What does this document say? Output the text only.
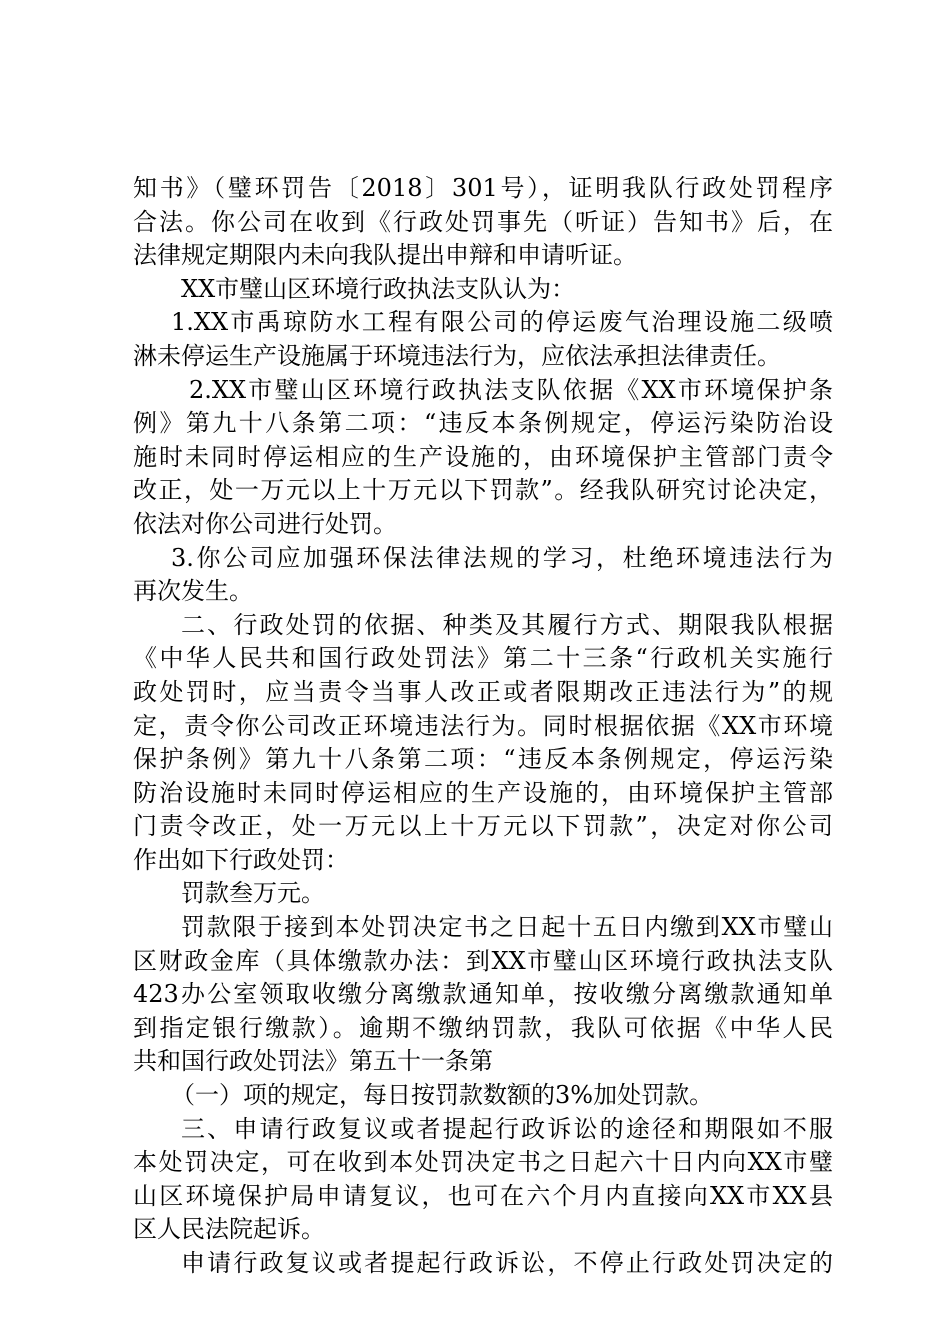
知书》（璧环罚告〔2018〕301号），证明我队行政处罚程序
合法。你公司在收到《行政处罚事先（听证）告知书》后，在
法律规定期限内未向我队提出申辩和申请听证。
XX市璧山区环境行政执法支队认为：
1.XX市禹琼防水工程有限公司的停运废气治理设施二级喷
淋未停运生产设施属于环境违法行为，应依法承担法律责任。
2.XX市璧山区环境行政执法支队依据《XX市环境保护条
例》第九十八条第二项：“违反本条例规定，停运污染防治设
施时未同时停运相应的生产设施的，由环境保护主管部门责令
改正，处一万元以上十万元以下罚款”。经我队研究讨论决定，
依法对你公司进行处罚。
3.你公司应加强环保法律法规的学习，杜绝环境违法行为
再次发生。
二、行政处罚的依据、种类及其履行方式、期限我队根据
《中华人民共和国行政处罚法》第二十三条“行政机关实施行
政处罚时，应当责令当事人改正或者限期改正违法行为”的规
定，责令你公司改正环境违法行为。同时根据依据《XX市环境
保护条例》第九十八条第二项：“违反本条例规定，停运污染
防治设施时未同时停运相应的生产设施的，由环境保护主管部
门责令改正，处一万元以上十万元以下罚款”，决定对你公司
作出如下行政处罚：
罚款叁万元。
罚款限于接到本处罚决定书之日起十五日内缴到XX市璧山
区财政金库（具体缴款办法：到XX市璧山区环境行政执法支队
423办公室领取收缴分离缴款通知单，按收缴分离缴款通知单
到指定银行缴款）。逾期不缴纳罚款，我队可依据《中华人民
共和国行政处罚法》第五十一条第
（一）项的规定，每日按罚款数额的3%加处罚款。
三、申请行政复议或者提起行政诉讼的途径和期限如不服
本处罚决定，可在收到本处罚决定书之日起六十日内向XX市璧
山区环境保护局申请复议，也可在六个月内直接向XX市XX县
区人民法院起诉。
申请行政复议或者提起行政诉讼，不停止行政处罚决定的
